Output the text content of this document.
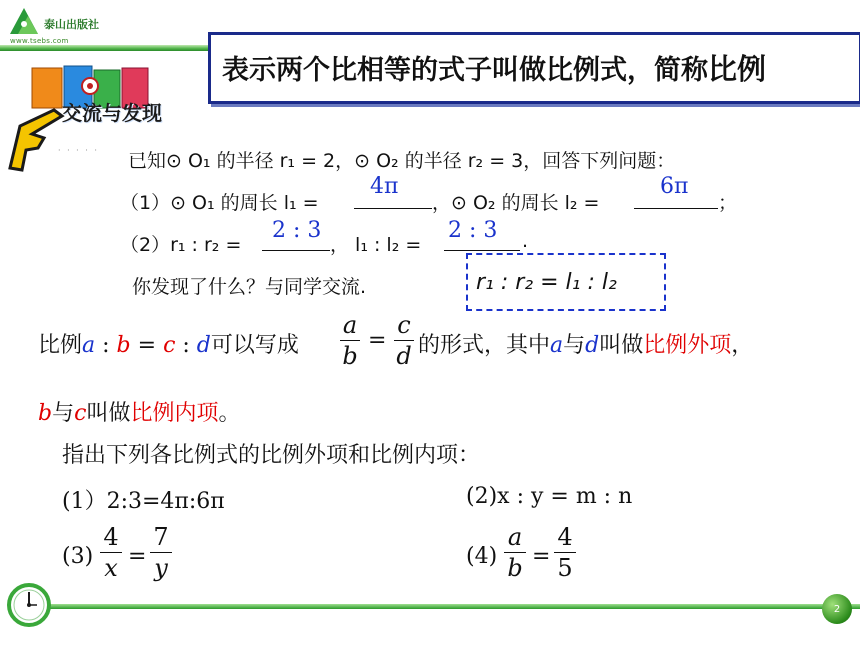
泰山出版社
www.tsebs.com
表示两个比相等的式子叫做比例式，简称比例
交流与发现
· · · · · 已知⊙ O₁ 的半径 r₁ = 2，⊙ O₂ 的半径 r₂ = 3，回答下列问题：
（1）⊙ O₁ 的周长 l₁ =
4π
，⊙ O₂ 的周长 l₂ =
6π
；
（2）r₁ : r₂ =
2 : 3
， l₁ : l₂ =
2 : 3 .
你发现了什么？与同学交流.	r₁ : r₂ = l₁ : l₂
比例a : b = c : d可以写成
a
b
=
c
d 的形式，其中a与d叫做比例外项，
b与c叫做比例内项。
指出下列各比例式的比例外项和比例内项：
(1）2:3=4π:6π	(2)x : y = m : n
(3)
4
x =
7
y	(4)
a
b =
4
5
2
